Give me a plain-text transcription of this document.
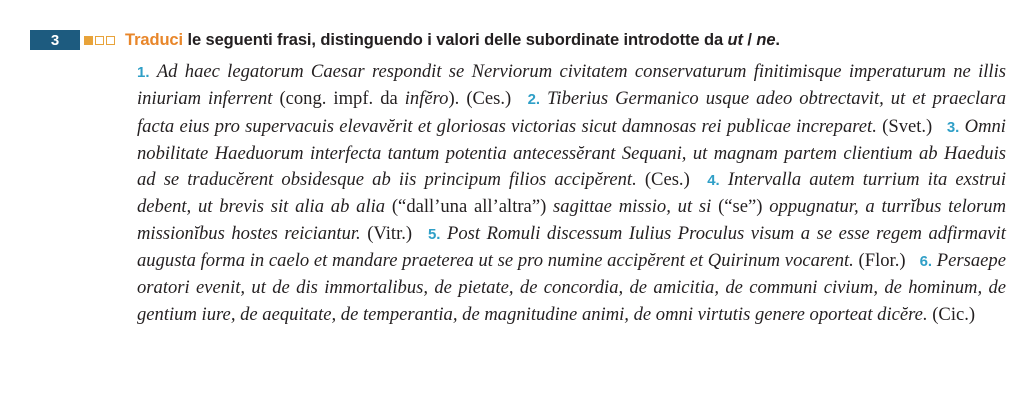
3	Traduci le seguenti frasi, distinguendo i valori delle subordinate introdotte da ut / ne.
1. Ad haec legatorum Caesar respondit se Nerviorum civitatem conservaturum finitimisque imperaturum ne illis iniuriam inferrent (cong. impf. da infĕro). (Ces.)  2. Tiberius Germanico usque adeo obtrectavit, ut et praeclara facta eius pro supervacuis elevavĕrit et gloriosas victorias sicut damnosas rei publicae increparet. (Svet.)  3. Omni nobilitate Haeduorum interfecta tantum potentia antecessĕrant Sequani, ut magnam partem clientium ab Haeduis ad se traducĕrent obsidesque ab iis principum filios accipĕrent. (Ces.)  4. Intervalla autem turrium ita exstrui debent, ut brevis sit alia ab alia (“dall’una all’altra”) sagittae missio, ut si (“se”) oppugnatur, a turrĭbus telorum missionĭbus hostes reiciantur. (Vitr.)  5. Post Romuli discessum Iulius Proculus visum a se esse regem adfirmavit augusta forma in caelo et mandare praeterea ut se pro numine accipĕrent et Quirinum vocarent. (Flor.)  6. Persaepe oratori evenit, ut de dis immortalibus, de pietate, de concordia, de amicitia, de communi civium, de hominum, de gentium iure, de aequitate, de temperantia, de magnitudine animi, de omni virtutis genere oporteat dicĕre. (Cic.)
